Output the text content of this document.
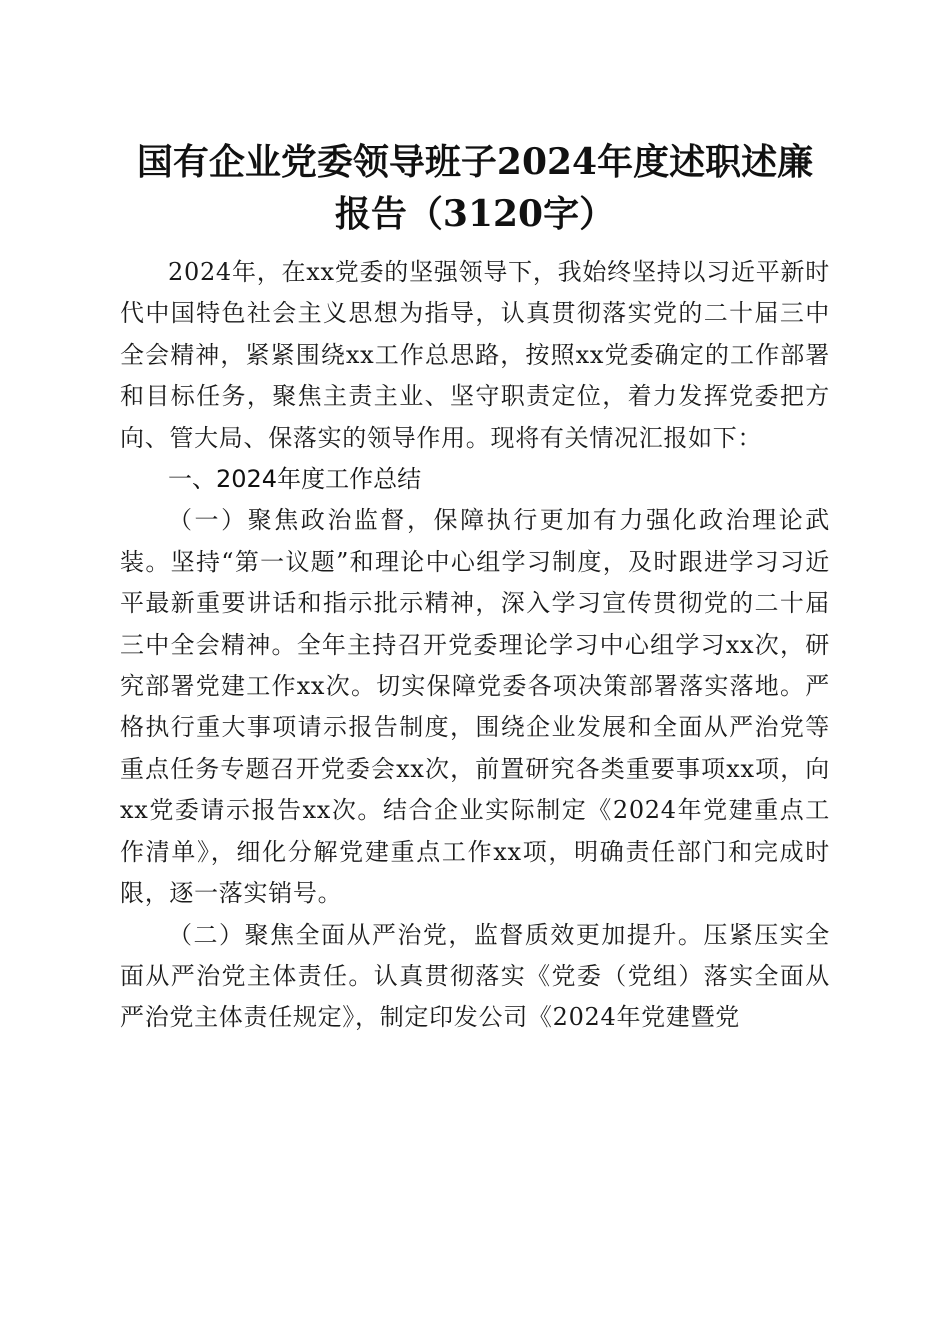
国有企业党委领导班子2024年度述职述廉报告（3120字）

2024年，在xx党委的坚强领导下，我始终坚持以习近平新时代中国特色社会主义思想为指导，认真贯彻落实党的二十届三中全会精神，紧紧围绕xx工作总思路，按照xx党委确定的工作部署和目标任务，聚焦主责主业、坚守职责定位，着力发挥党委把方向、管大局、保落实的领导作用。现将有关情况汇报如下：

一、2024年度工作总结

（一）聚焦政治监督，保障执行更加有力强化政治理论武装。坚持“第一议题”和理论中心组学习制度，及时跟进学习习近平最新重要讲话和指示批示精神，深入学习宣传贯彻党的二十届三中全会精神。全年主持召开党委理论学习中心组学习xx次，研究部署党建工作xx次。切实保障党委各项决策部署落实落地。严格执行重大事项请示报告制度，围绕企业发展和全面从严治党等重点任务专题召开党委会xx次，前置研究各类重要事项xx项，向xx党委请示报告xx次。结合企业实际制定《2024年党建重点工作清单》，细化分解党建重点工作xx项，明确责任部门和完成时限，逐一落实销号。

（二）聚焦全面从严治党，监督质效更加提升。压紧压实全面从严治党主体责任。认真贯彻落实《党委（党组）落实全面从严治党主体责任规定》，制定印发公司《2024年党建暨党
